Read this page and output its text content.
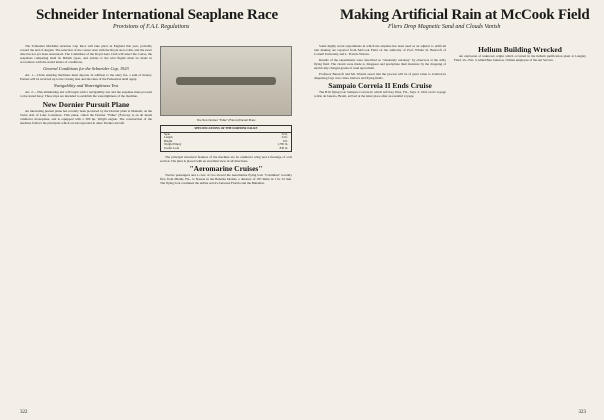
Schneider International Seaplane Race
Provisions of F.A.I. Regulations
Making Artificial Rain at McCook Field
Fliers Drop Magnetic Sand and Clouds Vanish

The Schneider Maritime Aviation Cup Race will take place in England this year, probably toward the end of August. The selection of the course rests with the Royal Aero Club, and the exact date has not yet been announced. The Committee of the Royal Aero Club will select the course, the seaplanes competing shall be British types, and entries to the trial flights must be made in accordance with the stated letters of conditions.

General Conditions for the Schneider Cup, 1923

Art. 1.—Clubs entering machines must deposit, in addition to the entry fee, a sum of money. Entries will be received up to the closing date and the rules of the Federation shall apply.

Navigability and Watertightness Test

Art. 2.—This eliminating test will begin with a navigability test and the seaplane must proceed to the stated buoy. Three trips are intended to establish the watertightness of the machine.

New Dornier Pursuit Plane

An interesting pursuit plane has recently been produced by the Dornier plant at Manzell, on the Swiss side of Lake Constance. This plane, called the Dornier "Falke" (Falcon), is an all metal cantilever monoplane, and is equipped with a 300 hp. Wright engine. The construction of the machine follows the principles which are incorporated in other Dornier aircraft.

The New Dornier "Falke" (Falcon) Pursuit Plane
SPECIFICATIONS OF THE DORNIER FALKE
Span	32 ft.
Length	24 ft.
Height	8 ft.
Weight Empty	1,785 lb.
Useful Load	830 lb.

The principal structural features of the machine are its cantilever wing and a fuselage of oval section. The pilot is placed with an excellent view in all directions.

"Aeromarine Cruises"

Twelve passengers and a crew of two aboard the Aeromarine flying boat "Columbus" recently flew from Miami, Fla., to Nassau in the Bahama Islands, a distance of 187 miles in 1 hr. 52 min. The flying boat continued the airline service between Florida and the Bahamas.

Some highly novel experiments in which the airplane has been used as an adjunct to artificial rain making are reported from McCook Field on the authority of Prof. Wilder D. Bancroft of Cornell University and L. Francis Warren.

Results of the experiments were described as "absolutely uncanny" by observers at the army flying field. The clouds were made to disappear and precipitate their moisture by the dropping of electrically charged grains of sand upon them.

Professor Bancroft and Mr. Warren assert that the process will be of great value to aviation in dispersing fogs over cities, harbors and flying fields.

Sampaio Correia II Ends Cruise

The H16 flying boat Sampaio Correia II, which left Key West, Fla., Sept. 3, 1922 on its voyage to Rio de Janeiro, Brazil, arrived at the latter place after an eventful voyage.

Helium Building Wrecked

An explosion of unknown origin which occurred in the helium purification plant at Langley Field, Va., Feb. 3, killed Ben Johnson, civilian employee of the Air Service.

322	323
